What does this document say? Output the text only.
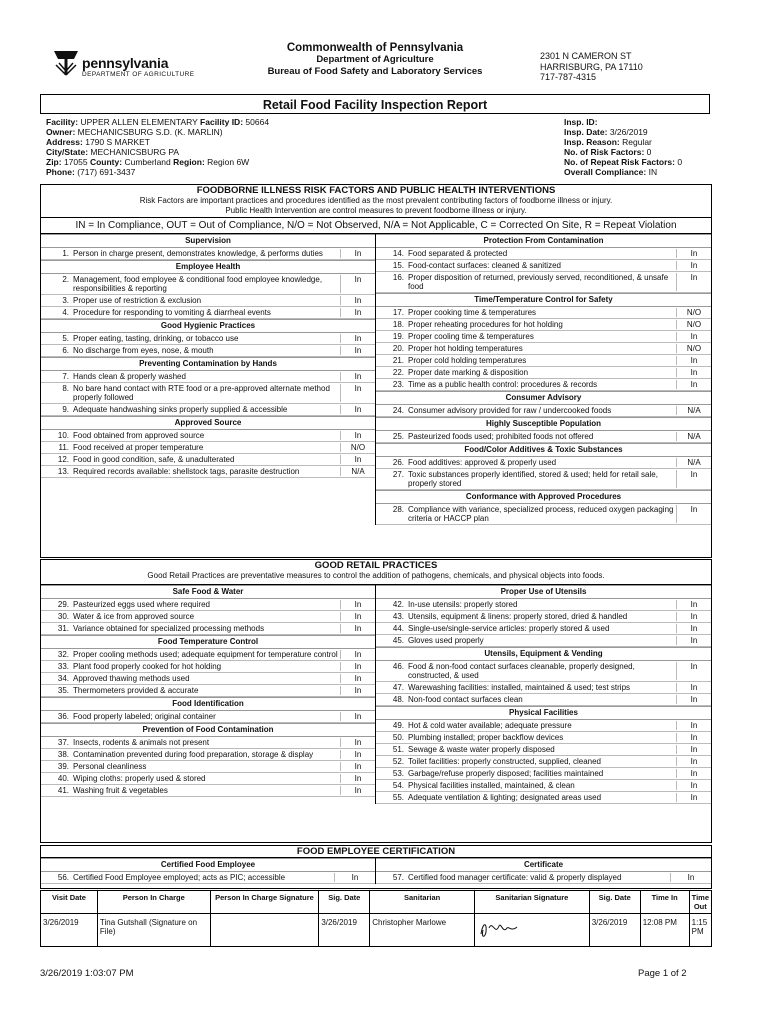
pennsylvania
DEPARTMENT OF AGRICULTURE
Commonwealth of Pennsylvania
Department of Agriculture
Bureau of Food Safety and Laboratory Services
2301 N CAMERON ST
HARRISBURG, PA 17110
717-787-4315
Retail Food Facility Inspection Report
Facility: UPPER ALLEN ELEMENTARY Facility ID: 50664
Owner: MECHANICSBURG S.D. (K. MARLIN)
Address: 1790 S MARKET
City/State: MECHANICSBURG PA
Zip: 17055 County: Cumberland Region: Region 6W
Phone: (717) 691-3437
Insp. ID:
Insp. Date: 3/26/2019
Insp. Reason: Regular
No. of Risk Factors: 0
No. of Repeat Risk Factors: 0
Overall Compliance: IN
FOODBORNE ILLNESS RISK FACTORS AND PUBLIC HEALTH INTERVENTIONS
Risk Factors are important practices and procedures identified as the most prevalent contributing factors of foodborne illness or injury.
Public Health Intervention are control measures to prevent foodborne illness or injury.
IN = In Compliance, OUT = Out of Compliance, N/O = Not Observed, N/A = Not Applicable, C = Corrected On Site, R = Repeat Violation
Supervision
1. Person in charge present, demonstrates knowledge, & performs duties	In
Employee Health
2. Management, food employee & conditional food employee knowledge, responsibilities & reporting
In
3. Proper use of restriction & exclusion	In
4. Procedure for responding to vomiting & diarrheal events	In
Good Hygienic Practices
5. Proper eating, tasting, drinking, or tobacco use	In
6. No discharge from eyes, nose, & mouth	In
Preventing Contamination by Hands
7. Hands clean & properly washed	In
8. No bare hand contact with RTE food or a pre-approved alternate method properly followed
In
9. Adequate handwashing sinks properly supplied & accessible	In
Approved Source
10. Food obtained from approved source	In
11. Food received at proper temperature	N/O
12. Food in good condition, safe, & unadulterated	In
13. Required records available: shellstock tags, parasite destruction	N/A
Protection From Contamination
14. Food separated & protected	In
15. Food-contact surfaces: cleaned & sanitized	In
16. Proper disposition of returned, previously served, reconditioned, & unsafe food
In
Time/Temperature Control for Safety
17. Proper cooking time & temperatures	N/O
18. Proper reheating procedures for hot holding	N/O
19. Proper cooling time & temperatures	In
20. Proper hot holding temperatures	N/O
21. Proper cold holding temperatures	In
22. Proper date marking & disposition	In
23. Time as a public health control: procedures & records	In
Consumer Advisory
24. Consumer advisory provided for raw / undercooked foods	N/A
Highly Susceptible Population
25. Pasteurized foods used; prohibited foods not offered	N/A
Food/Color Additives & Toxic Substances
26. Food additives: approved & properly used	N/A
27. Toxic substances properly identified, stored & used; held for retail sale, properly stored
In
Conformance with Approved Procedures
28. Compliance with variance, specialized process, reduced oxygen packaging criteria or HACCP plan
In
GOOD RETAIL PRACTICES
Good Retail Practices are preventative measures to control the addition of pathogens, chemicals, and physical objects into foods.
Safe Food & Water
29. Pasteurized eggs used where required	In
30. Water & ice from approved source	In
31. Variance obtained for specialized processing methods	In
Food Temperature Control
32. Proper cooling methods used; adequate equipment for temperature control	In
33. Plant food properly cooked for hot holding	In
34. Approved thawing methods used	In
35. Thermometers provided & accurate	In
Food Identification
36. Food properly labeled; original container	In
Prevention of Food Contamination
37. Insects, rodents & animals not present	In
38. Contamination prevented during food preparation, storage & display	In
39. Personal cleanliness	In
40. Wiping cloths: properly used & stored	In
41. Washing fruit & vegetables	In
Proper Use of Utensils
42. In-use utensils: properly stored	In
43. Utensils, equipment & linens: properly stored, dried & handled	In
44. Single-use/single-service articles: properly stored & used	In
45. Gloves used properly	In
Utensils, Equipment & Vending
46. Food & non-food contact surfaces cleanable, properly designed, constructed, & used
In
47. Warewashing facilities: installed, maintained & used; test strips	In
48. Non-food contact surfaces clean	In
Physical Facilities
49. Hot & cold water available; adequate pressure	In
50. Plumbing installed; proper backflow devices	In
51. Sewage & waste water properly disposed	In
52. Toilet facilities: properly constructed, supplied, cleaned	In
53. Garbage/refuse properly disposed; facilities maintained	In
54. Physical facilities installed, maintained, & clean	In
55. Adequate ventilation & lighting; designated areas used	In
FOOD EMPLOYEE CERTIFICATION
Certified Food Employee
56. Certified Food Employee employed; acts as PIC; accessible	In
Certificate
57. Certified food manager certificate: valid & properly displayed	In
Visit Date	Person In Charge	Person In Charge Signature	Sig. Date	Sanitarian	Sanitarian Signature	Sig. Date	Time In	Time Out
3/26/2019	Tina Gutshall (Signature on File)		3/26/2019	Christopher Marlowe		3/26/2019	12:08 PM	1:15 PM
3/26/2019 1:03:07 PM	Page 1 of 2
